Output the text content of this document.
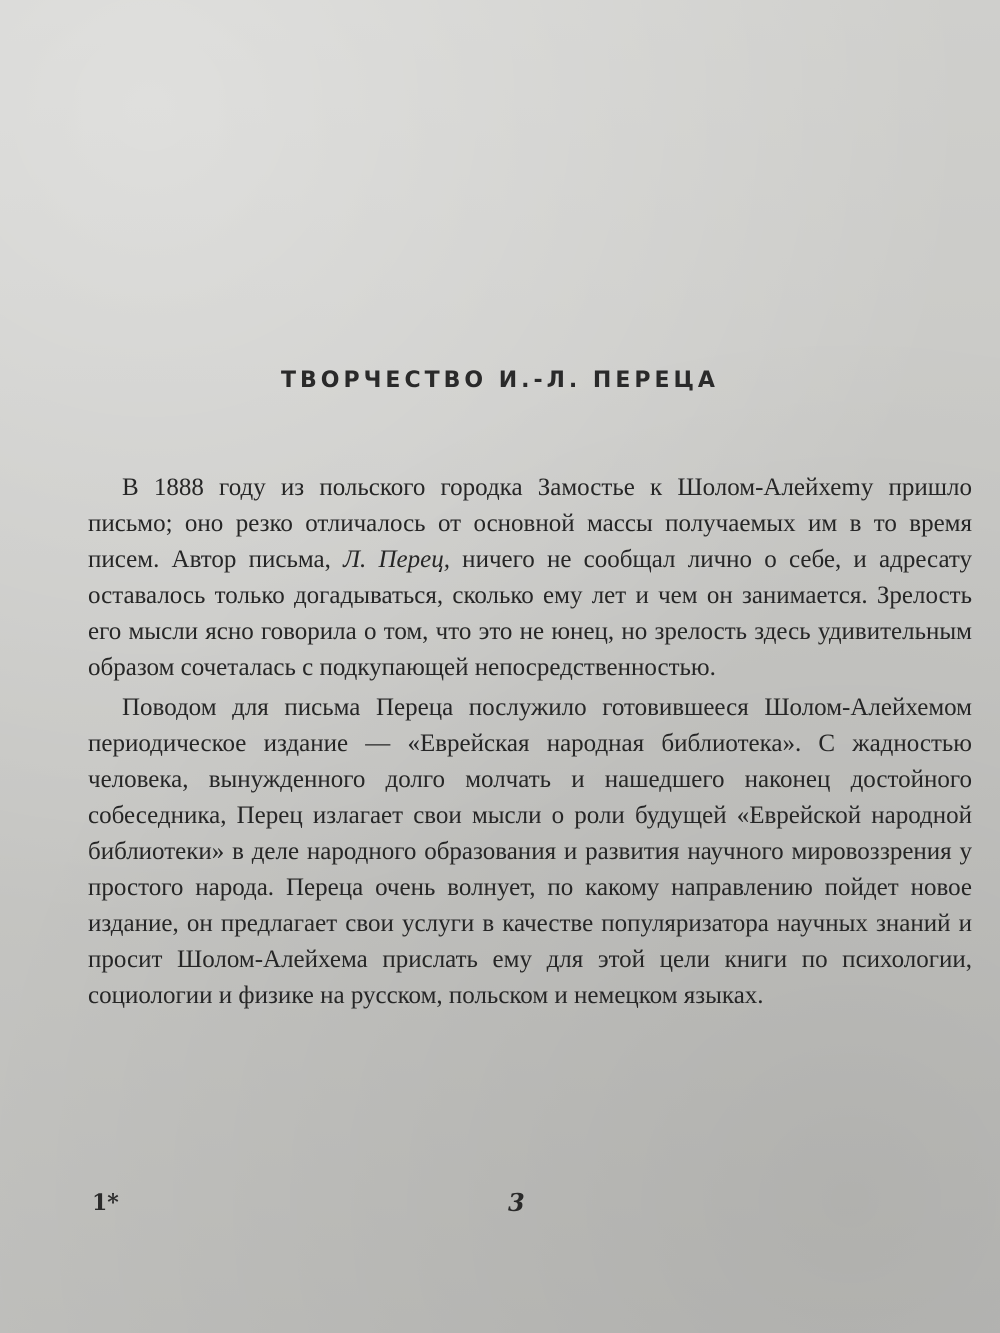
ТВОРЧЕСТВО И.-Л. ПЕРЕЦА

В 1888 году из польского городка Замостье к Шолом-Алейхеmу пришло письмо; оно резко отличалось от основной массы получаемых им в то время писем. Автор письма, Л. Перец, ничего не сообщал лично о себе, и адресату оставалось только догадываться, сколько ему лет и чем он занимается. Зрелость его мысли ясно говорила о том, что это не юнец, но зрелость здесь удивительным образом сочеталась с подкупающей непосредственностью.

Поводом для письма Переца послужило готовившееся Шолом-Алейхемом периодическое издание — «Еврейская народная библиотека». С жадностью человека, вынужденного долго молчать и нашедшего наконец достойного собеседника, Перец излагает свои мысли о роли будущей «Еврейской народной библиотеки» в деле народного образования и развития научного мировоззрения у простого народа. Переца очень волнует, по какому направлению пойдет новое издание, он предлагает свои услуги в качестве популяризатора научных знаний и просит Шолом-Алейхема прислать ему для этой цели книги по психологии, социологии и физике на русском, польском и немецком языках.

1*	3
